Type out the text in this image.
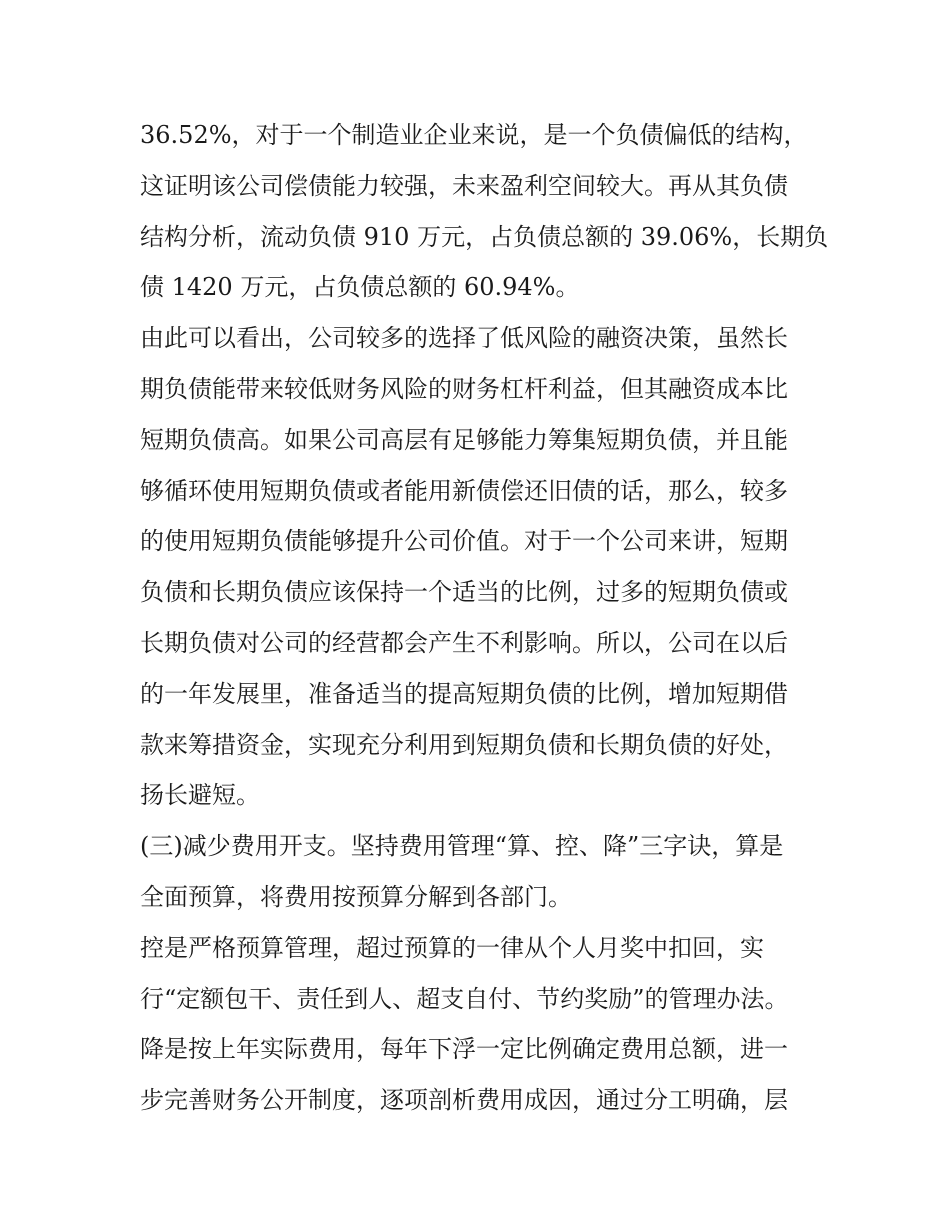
36.52%，对于一个制造业企业来说，是一个负债偏低的结构，
这证明该公司偿债能力较强，未来盈利空间较大。再从其负债
结构分析，流动负债 910 万元，占负债总额的 39.06%，长期负
债 1420 万元，占负债总额的 60.94%。
由此可以看出，公司较多的选择了低风险的融资决策，虽然长
期负债能带来较低财务风险的财务杠杆利益，但其融资成本比
短期负债高。如果公司高层有足够能力筹集短期负债，并且能
够循环使用短期负债或者能用新债偿还旧债的话，那么，较多
的使用短期负债能够提升公司价值。对于一个公司来讲，短期
负债和长期负债应该保持一个适当的比例，过多的短期负债或
长期负债对公司的经营都会产生不利影响。所以，公司在以后
的一年发展里，准备适当的提高短期负债的比例，增加短期借
款来筹措资金，实现充分利用到短期负债和长期负债的好处，
扬长避短。
(三)减少费用开支。坚持费用管理“算、控、降”三字诀，算是
全面预算，将费用按预算分解到各部门。
控是严格预算管理，超过预算的一律从个人月奖中扣回，实
行“定额包干、责任到人、超支自付、节约奖励”的管理办法。
降是按上年实际费用，每年下浮一定比例确定费用总额，进一
步完善财务公开制度，逐项剖析费用成因，通过分工明确，层
